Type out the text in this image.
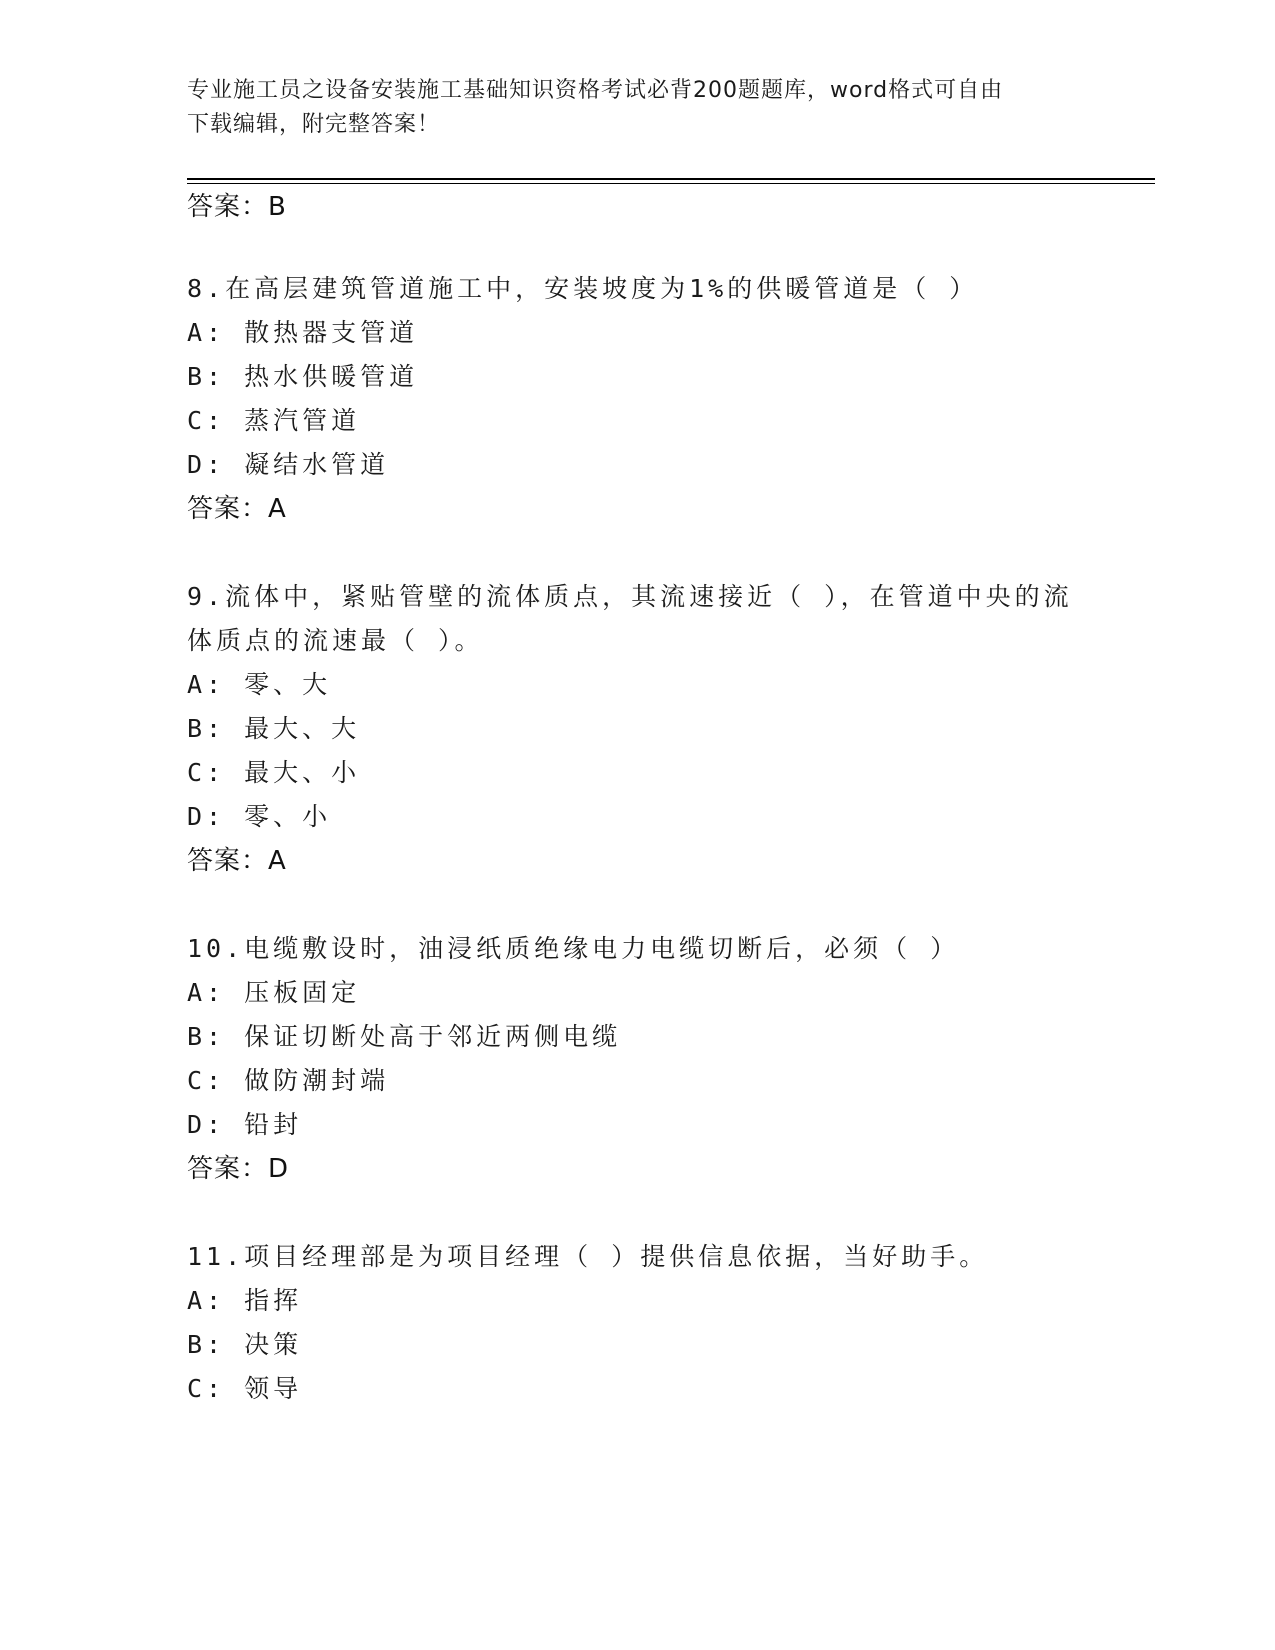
专业施工员之设备安装施工基础知识资格考试必背200题题库，word格式可自由
下载编辑，附完整答案！
答案：B
8.在高层建筑管道施工中，安装坡度为1%的供暖管道是（ ）
A: 散热器支管道
B: 热水供暖管道
C: 蒸汽管道
D: 凝结水管道
答案：A
9.流体中，紧贴管壁的流体质点，其流速接近（ ），在管道中央的流
体质点的流速最（ ）。
A: 零、大
B: 最大、大
C: 最大、小
D: 零、小
答案：A
10.电缆敷设时，油浸纸质绝缘电力电缆切断后，必须（ ）
A: 压板固定
B: 保证切断处高于邻近两侧电缆
C: 做防潮封端
D: 铅封
答案：D
11.项目经理部是为项目经理（ ）提供信息依据，当好助手。
A: 指挥
B: 决策
C: 领导
